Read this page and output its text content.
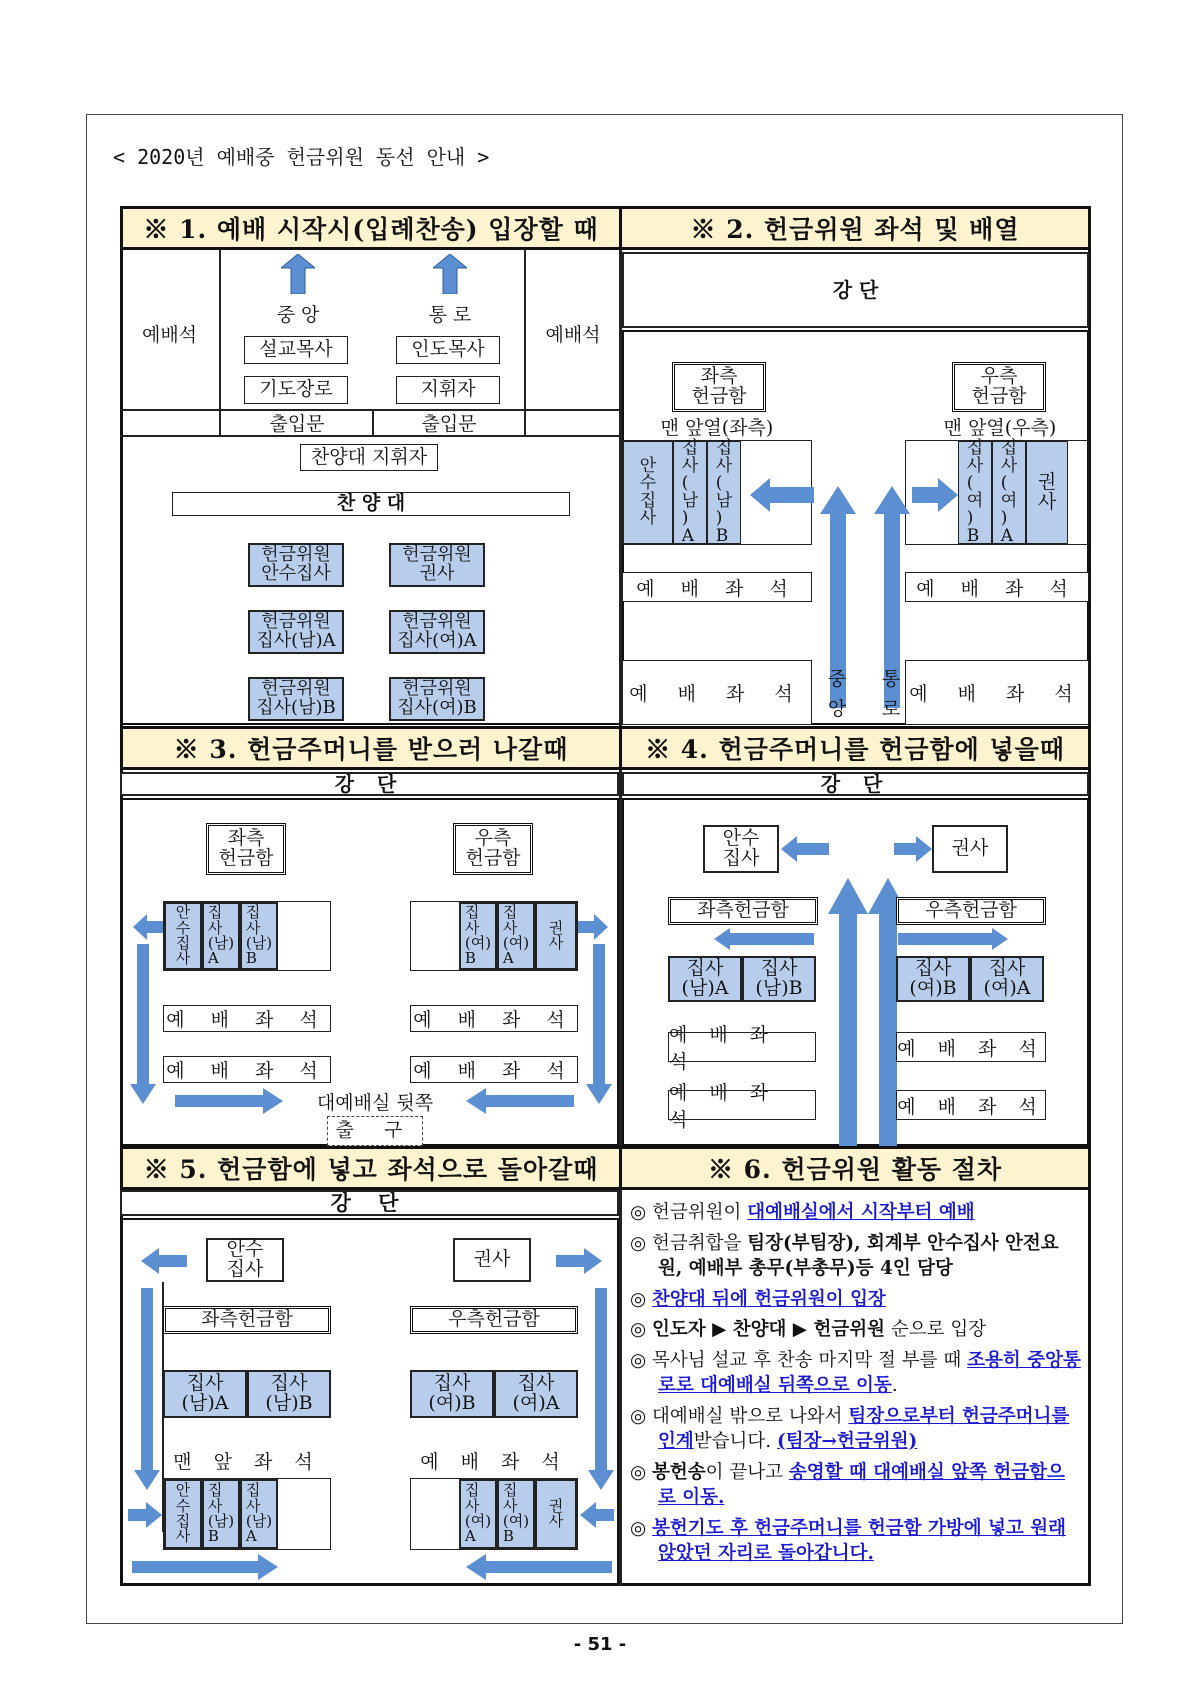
< 2020년 예배중 헌금위원 동선 안내 >
※ 1. 예배 시작시(입례찬송) 입장할 때
예배석	예배석
중 앙	통 로
설교목사	인도목사
기도장로	지휘자
출입문	출입문
찬양대 지휘자
찬 양 대
헌금위원
안수집사
헌금위원
권사
헌금위원
집사(남)A
헌금위원
집사(여)A
헌금위원
집사(남)B
헌금위원
집사(여)B
※ 2. 헌금위원 좌석 및 배열
강 단
좌측
헌금함
우측
헌금함
맨 앞열(좌측)	맨 앞열(우측)
안
수
집
사
집
사
(
남
)
A
집
사
(
남
)
B
집
사
(
여
)
B
집
사
(
여
)
A
권
사
예 배 좌 석	예 배 좌 석
예 배 좌 석	예 배 좌 석
중
앙
통
로
※ 3. 헌금주머니를 받으러 나갈때
강 단
좌측
헌금함
우측
헌금함
안
수
집
사
집
사
(남)
A
집
사
(남)
B
집
사
(여)
B
집
사
(여)
A
권
사
예 배 좌 석	예 배 좌 석
예 배 좌 석	예 배 좌 석
대예배실 뒷쪽
출 구
※ 4. 헌금주머니를 헌금함에 넣을때
강 단
안수
집사	권사
좌측헌금함	우측헌금함
집사
(남)A
집사
(남)B
집사
(여)B
집사
(여)A
예 배 좌 석
예 배 좌 석
예 배 좌 석
예 배 좌 석
※ 5. 헌금함에 넣고 좌석으로 돌아갈때
강 단
안수
집사	권사
좌측헌금함	우측헌금함
집사
(남)A
집사
(남)B
집사
(여)B
집사
(여)A
맨 앞 좌 석	예 배 좌 석
안
수
집
사
집
사
(남)
B
집
사
(남)
A
집
사
(여)
A
집
사
(여)
B
권
사
※ 6. 헌금위원 활동 절차

◎ 헌금위원이 대예배실에서 시작부터 예배

◎ 헌금취합을 팀장(부팀장), 회계부 안수집사 안전요원, 예배부 총무(부총무)등 4인 담당

◎ 찬양대 뒤에 헌금위원이 입장

◎ 인도자 ▶ 찬양대 ▶ 헌금위원 순으로 입장

◎ 목사님 설교 후 찬송 마지막 절 부를 때 조용히 중앙통로로 대예배실 뒤쪽으로 이동.

◎ 대예배실 밖으로 나와서 팀장으로부터 헌금주머니를 인계받습니다. (팀장→헌금위원)

◎ 봉헌송이 끝나고 송영할 때 대예배실 앞쪽 헌금함으로 이동.

◎ 봉헌기도 후 헌금주머니를 헌금함 가방에 넣고 원래 앉았던 자리로 돌아갑니다.

- 51 -
